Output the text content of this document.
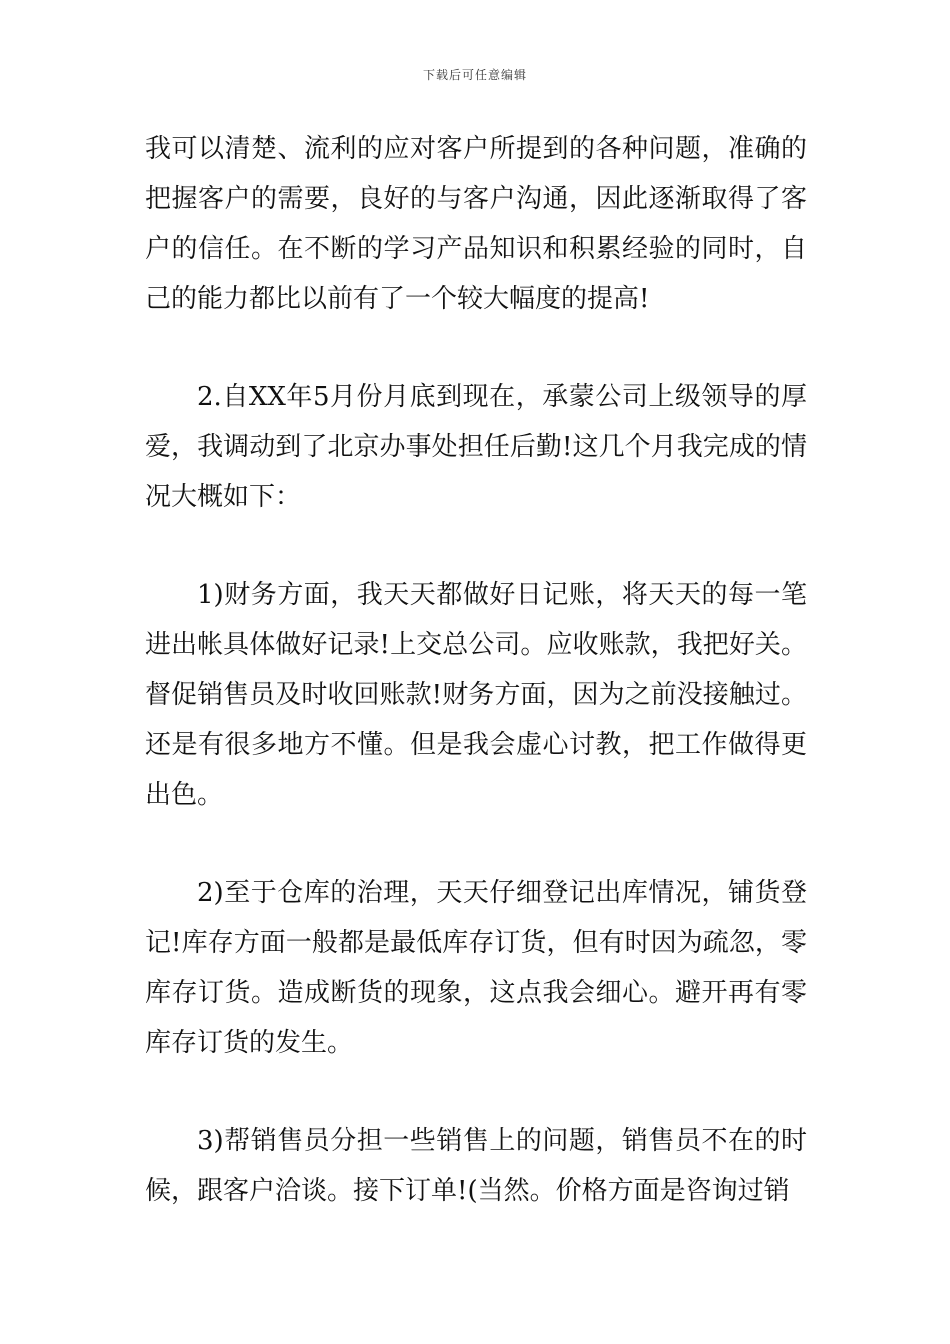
下载后可任意编辑

我可以清楚、流利的应对客户所提到的各种问题，准确的把握客户的需要，良好的与客户沟通，因此逐渐取得了客户的信任。在不断的学习产品知识和积累经验的同时，自己的能力都比以前有了一个较大幅度的提高!

2.自XX年5月份月底到现在，承蒙公司上级领导的厚爱，我调动到了北京办事处担任后勤!这几个月我完成的情况大概如下：

1)财务方面，我天天都做好日记账，将天天的每一笔进出帐具体做好记录!上交总公司。应收账款，我把好关。督促销售员及时收回账款!财务方面，因为之前没接触过。还是有很多地方不懂。但是我会虚心讨教，把工作做得更出色。

2)至于仓库的治理，天天仔细登记出库情况，铺货登记!库存方面一般都是最低库存订货，但有时因为疏忽，零库存订货。造成断货的现象，这点我会细心。避开再有零库存订货的发生。

3)帮销售员分担一些销售上的问题，销售员不在的时候，跟客户洽谈。接下订单!(当然。价格方面是咨询过销
